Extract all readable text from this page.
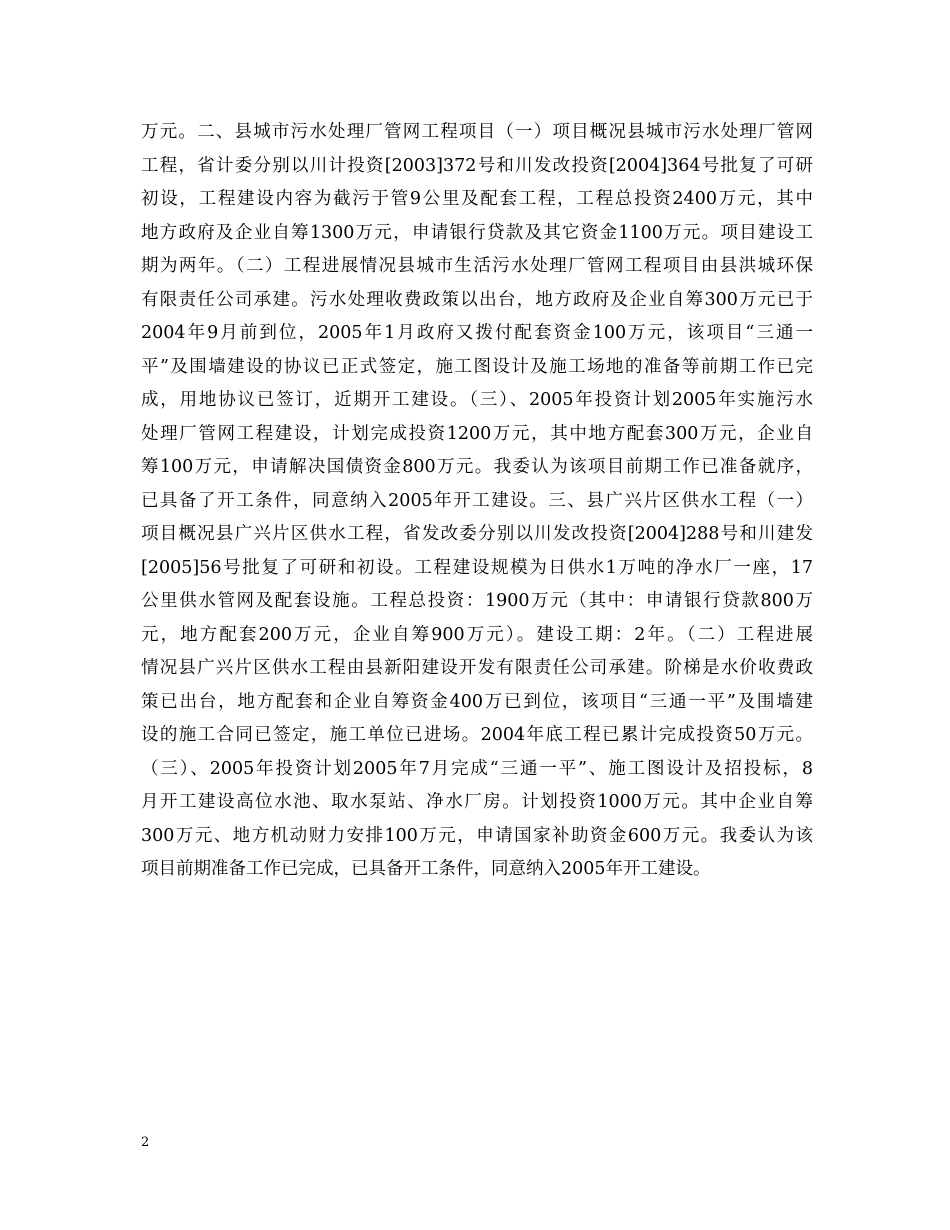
万元。二、县城市污水处理厂管网工程项目（一）项目概况县城市污水处理厂管网
工程，省计委分别以川计投资[2003]372号和川发改投资[2004]364号批复了可研
初设，工程建设内容为截污于管9公里及配套工程，工程总投资2400万元，其中
地方政府及企业自筹1300万元，申请银行贷款及其它资金1100万元。项目建设工
期为两年。（二）工程进展情况县城市生活污水处理厂管网工程项目由县洪城环保
有限责任公司承建。污水处理收费政策以出台，地方政府及企业自筹300万元已于
2004年9月前到位，2005年1月政府又拨付配套资金100万元，该项目“三通一
平”及围墙建设的协议已正式签定，施工图设计及施工场地的准备等前期工作已完
成，用地协议已签订，近期开工建设。（三）、2005年投资计划2005年实施污水
处理厂管网工程建设，计划完成投资1200万元，其中地方配套300万元，企业自
筹100万元，申请解决国债资金800万元。我委认为该项目前期工作已准备就序，
已具备了开工条件，同意纳入2005年开工建设。三、县广兴片区供水工程（一）
项目概况县广兴片区供水工程，省发改委分别以川发改投资[2004]288号和川建发
[2005]56号批复了可研和初设。工程建设规模为日供水1万吨的净水厂一座，17
公里供水管网及配套设施。工程总投资：1900万元（其中：申请银行贷款800万
元，地方配套200万元，企业自筹900万元）。建设工期：2年。（二）工程进展
情况县广兴片区供水工程由县新阳建设开发有限责任公司承建。阶梯是水价收费政
策已出台，地方配套和企业自筹资金400万已到位，该项目“三通一平”及围墙建
设的施工合同已签定，施工单位已进场。2004年底工程已累计完成投资50万元。
（三）、2005年投资计划2005年7月完成“三通一平”、施工图设计及招投标，8
月开工建设高位水池、取水泵站、净水厂房。计划投资1000万元。其中企业自筹
300万元、地方机动财力安排100万元，申请国家补助资金600万元。我委认为该
项目前期准备工作已完成，已具备开工条件，同意纳入2005年开工建设。
2
